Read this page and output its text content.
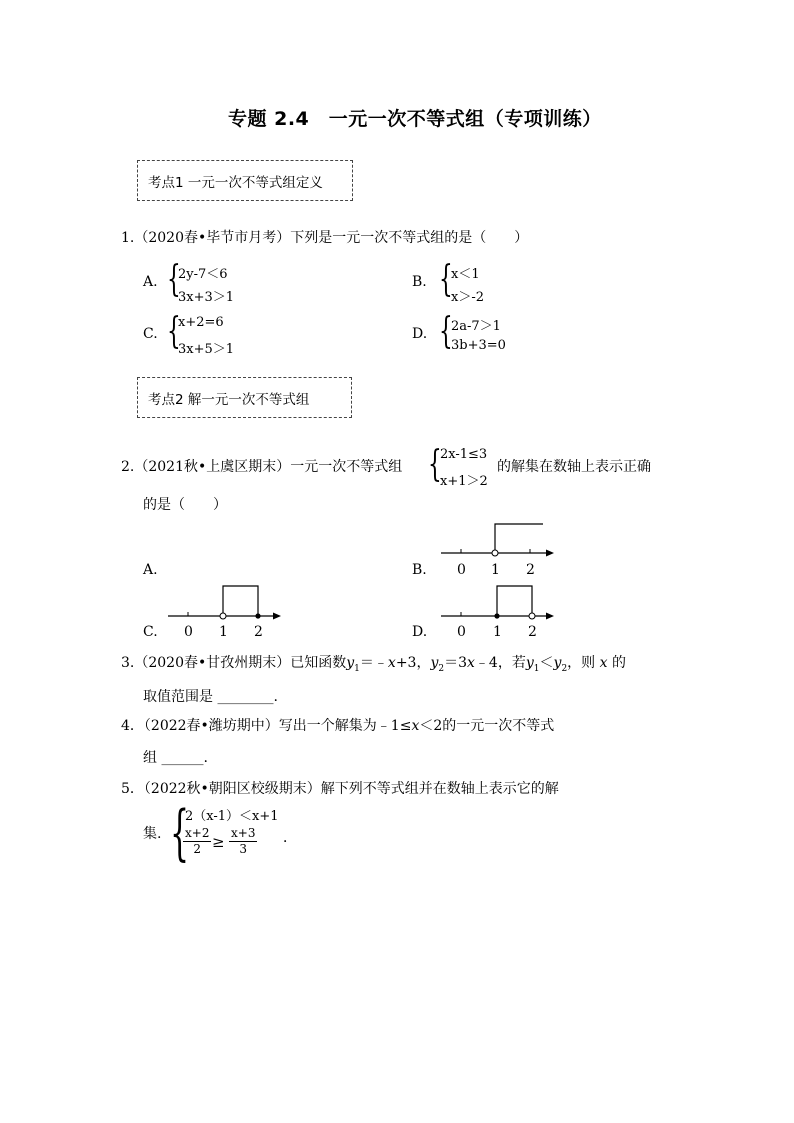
专题 2.4　一元一次不等式组（专项训练）
考点1 一元一次不等式组定义
1.（2020春•毕节市月考）下列是一元一次不等式组的是（　　）
A. {
2y-7＜6
3x+3＞1
B. {
x＜1
x＞-2
C. {
x+2=6
3x+5＞1
D. {
2a-7＞1
3b+3=0
考点2 解一元一次不等式组
2.（2021秋•上虞区期末）一元一次不等式组 {
2x-1≤3
x+1＞2
的解集在数轴上表示正确
的是（　　）
A.	B. 0 1 2
C. 0 1 2	D. 0 1 2
3.（2020春•甘孜州期末）已知函数$y_1=﹣x+3$，$y_2=3x﹣4$，若$y_1<y_2$，则 x 的
取值范围是 ________.
4．（2022春•潍坊期中）写出一个解集为﹣1≤x＜2的一元一次不等式
组 ______.
5．（2022秋•朝阳区校级期末）解下列不等式组并在数轴上表示它的解
集. {
2（x-1）＜x+1
$\frac{x+2}{2} \ge \frac{x+3}{3}$ ．
